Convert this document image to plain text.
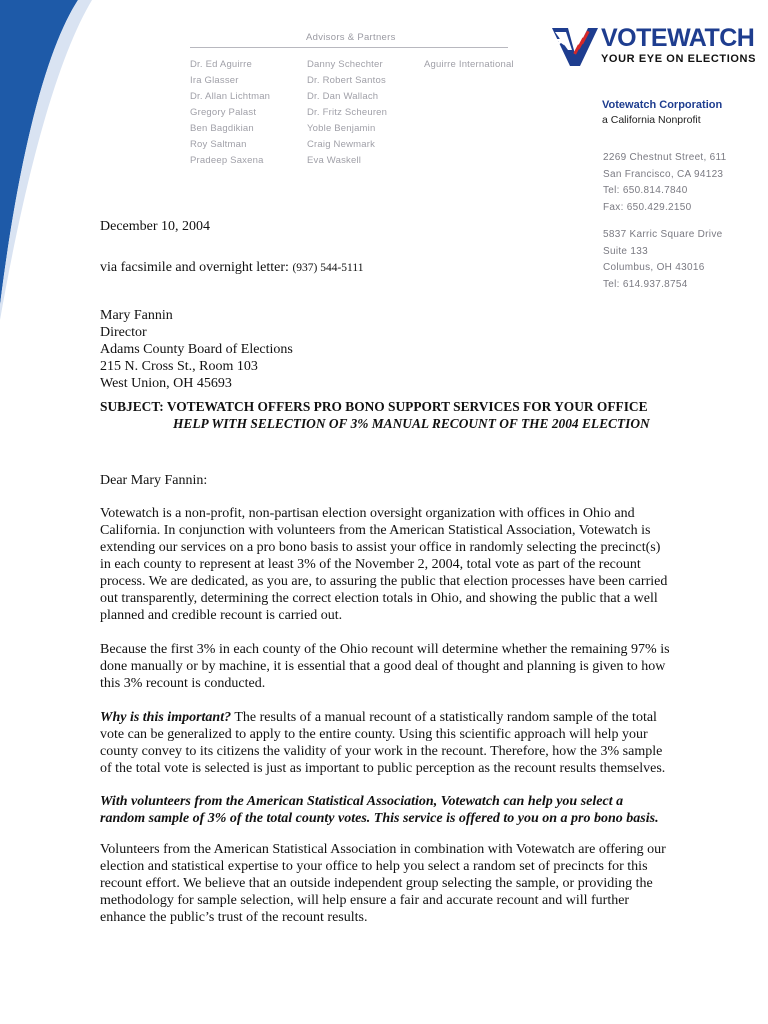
Advisors & Partners
Dr. Ed Aguirre
Ira Glasser
Dr. Allan Lichtman
Gregory Palast
Ben Bagdikian
Roy Saltman
Pradeep Saxena
Danny Schechter
Dr. Robert Santos
Dr. Dan Wallach
Dr. Fritz Scheuren
Yoble Benjamin
Craig Newmark
Eva Waskell
Aguirre International
VOTEWATCH
YOUR EYE ON ELECTIONS
Votewatch Corporation
a California Nonprofit
2269 Chestnut Street, 611
San Francisco, CA 94123
Tel: 650.814.7840
Fax: 650.429.2150
5837 Karric Square Drive
Suite 133
Columbus, OH 43016
Tel: 614.937.8754
December 10, 2004
via facsimile and overnight letter: (937) 544-5111
Mary Fannin
Director
Adams County Board of Elections
215 N. Cross St., Room 103
West Union, OH 45693
SUBJECT: VOTEWATCH OFFERS PRO BONO SUPPORT SERVICES FOR YOUR OFFICE
HELP WITH SELECTION OF 3% MANUAL RECOUNT OF THE 2004 ELECTION
Dear Mary Fannin:

Votewatch is a non-profit, non-partisan election oversight organization with offices in Ohio and
California. In conjunction with volunteers from the American Statistical Association, Votewatch is
extending our services on a pro bono basis to assist your office in randomly selecting the precinct(s)
in each county to represent at least 3% of the November 2, 2004, total vote as part of the recount
process. We are dedicated, as you are, to assuring the public that election processes have been carried
out transparently, determining the correct election totals in Ohio, and showing the public that a well
planned and credible recount is carried out.

Because the first 3% in each county of the Ohio recount will determine whether the remaining 97% is
done manually or by machine, it is essential that a good deal of thought and planning is given to how
this 3% recount is conducted.

Why is this important? The results of a manual recount of a statistically random sample of the total
vote can be generalized to apply to the entire county. Using this scientific approach will help your
county convey to its citizens the validity of your work in the recount. Therefore, how the 3% sample
of the total vote is selected is just as important to public perception as the recount results themselves.

With volunteers from the American Statistical Association, Votewatch can help you select a
random sample of 3% of the total county votes. This service is offered to you on a pro bono basis.

Volunteers from the American Statistical Association in combination with Votewatch are offering our
election and statistical expertise to your office to help you select a random set of precincts for this
recount effort. We believe that an outside independent group selecting the sample, or providing the
methodology for sample selection, will help ensure a fair and accurate recount and will further
enhance the public’s trust of the recount results.
